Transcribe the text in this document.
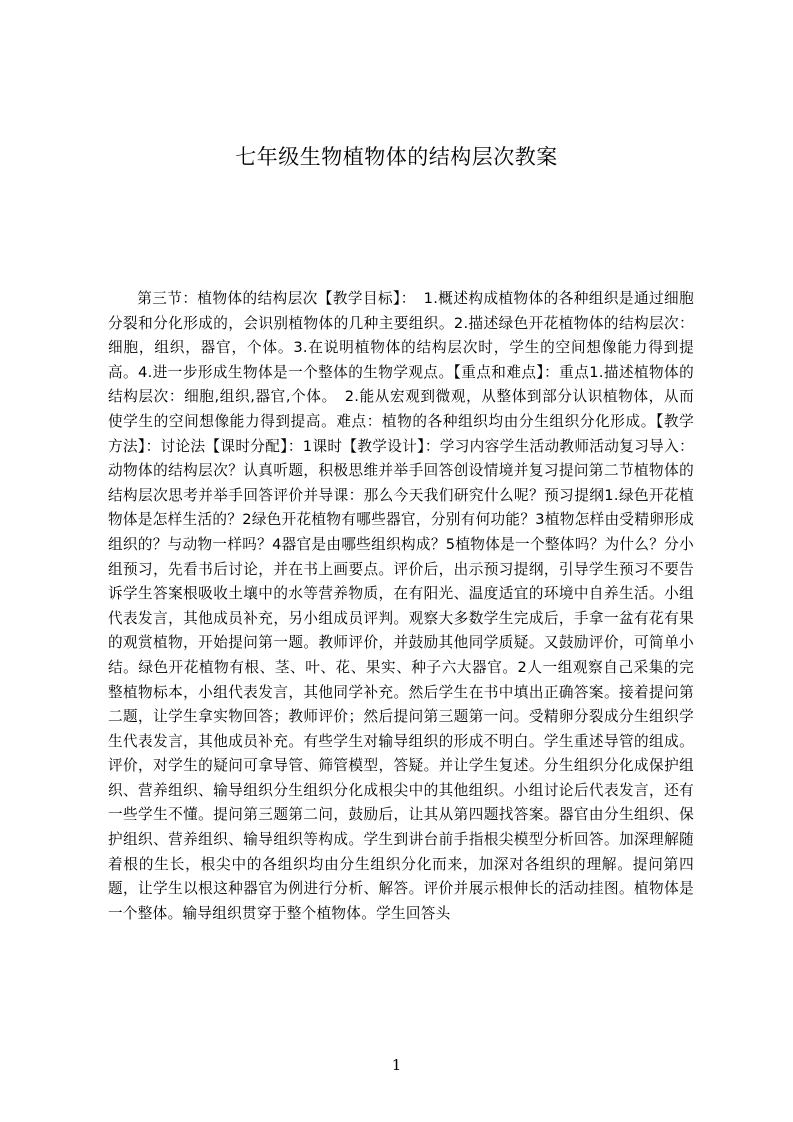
七年级生物植物体的结构层次教案

第三节：植物体的结构层次【教学目标】：　1.概述构成植物体的各种组织是通过细胞分裂和分化形成的，会识别植物体的几种主要组织。2.描述绿色开花植物体的结构层次：细胞，组织，器官，个体。3.在说明植物体的结构层次时，学生的空间想像能力得到提高。4.进一步形成生物体是一个整体的生物学观点。【重点和难点】：重点1.描述植物体的结构层次：细胞,组织,器官,个体。　2.能从宏观到微观，从整体到部分认识植物体，从而使学生的空间想像能力得到提高。难点：植物的各种组织均由分生组织分化形成。【教学方法】：讨论法【课时分配】：1课时【教学设计】：学习内容学生活动教师活动复习导入：动物体的结构层次？认真听题，积极思维并举手回答创设情境并复习提问第二节植物体的结构层次思考并举手回答评价并导课：那么今天我们研究什么呢？预习提纲1.绿色开花植物体是怎样生活的？2绿色开花植物有哪些器官，分别有何功能？3植物怎样由受精卵形成组织的？与动物一样吗？4器官是由哪些组织构成？5植物体是一个整体吗？为什么？分小组预习，先看书后讨论，并在书上画要点。评价后，出示预习提纲，引导学生预习不要告诉学生答案根吸收土壤中的水等营养物质，在有阳光、温度适宜的环境中自养生活。小组代表发言，其他成员补充，另小组成员评判。观察大多数学生完成后，手拿一盆有花有果的观赏植物，开始提问第一题。教师评价，并鼓励其他同学质疑。又鼓励评价，可简单小结。绿色开花植物有根、茎、叶、花、果实、种子六大器官。2人一组观察自己采集的完整植物标本，小组代表发言，其他同学补充。然后学生在书中填出正确答案。接着提问第二题，让学生拿实物回答；教师评价；然后提问第三题第一问。受精卵分裂成分生组织学生代表发言，其他成员补充。有些学生对输导组织的形成不明白。学生重述导管的组成。评价，对学生的疑问可拿导管、筛管模型，答疑。并让学生复述。分生组织分化成保护组织、营养组织、输导组织分生组织分化成根尖中的其他组织。小组讨论后代表发言，还有一些学生不懂。提问第三题第二问，鼓励后，让其从第四题找答案。器官由分生组织、保护组织、营养组织、输导组织等构成。学生到讲台前手指根尖模型分析回答。加深理解随着根的生长，根尖中的各组织均由分生组织分化而来，加深对各组织的理解。提问第四题，让学生以根这种器官为例进行分析、解答。评价并展示根伸长的活动挂图。植物体是一个整体。输导组织贯穿于整个植物体。学生回答头

1
